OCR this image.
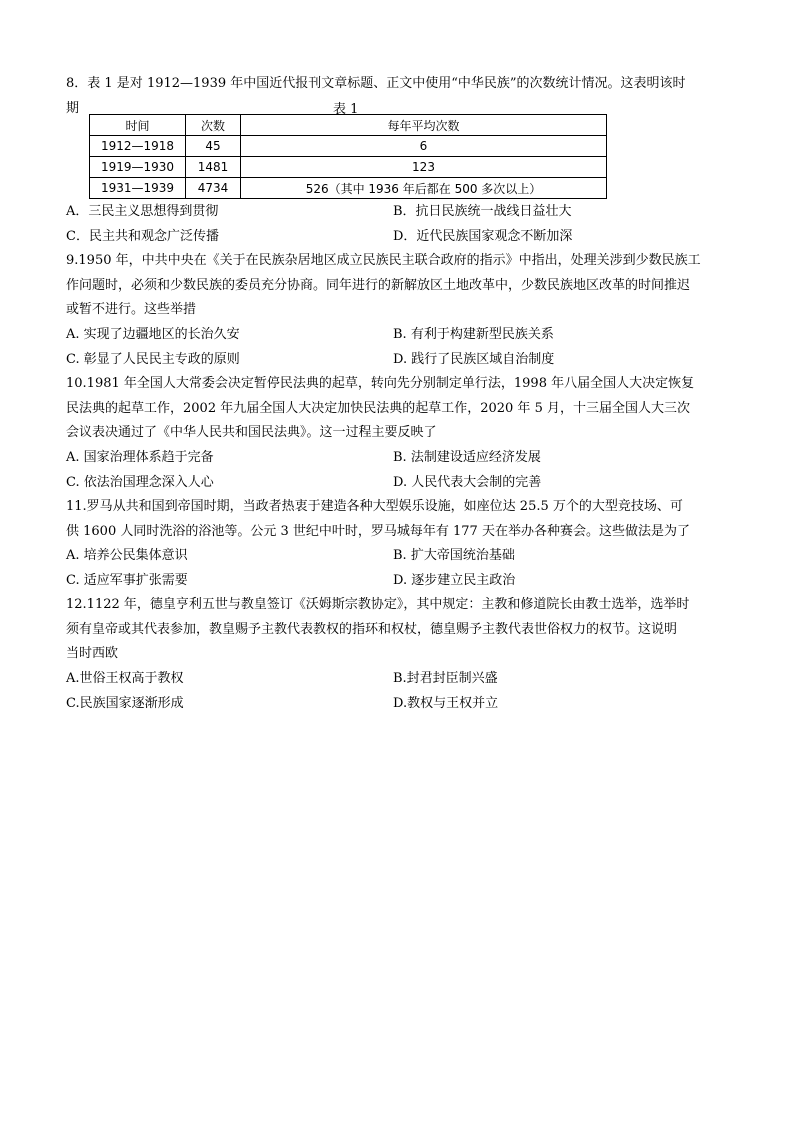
8．表 1 是对 1912—1939 年中国近代报刊文章标题、正文中使用“中华民族”的次数统计情况。这表明该时
期	表 1
时间	次数	每年平均次数
1912—1918	45	6
1919—1930	1481	123
1931—1939	4734	526（其中 1936 年后都在 500 多次以上）
A．三民主义思想得到贯彻	B．抗日民族统一战线日益壮大
C．民主共和观念广泛传播	D．近代民族国家观念不断加深
9.1950 年，中共中央在《关于在民族杂居地区成立民族民主联合政府的指示》中指出，处理关涉到少数民族工
作问题时，必须和少数民族的委员充分协商。同年进行的新解放区土地改革中，少数民族地区改革的时间推迟
或暂不进行。这些举措
A. 实现了边疆地区的长治久安	B. 有利于构建新型民族关系
C. 彰显了人民民主专政的原则	D. 践行了民族区域自治制度
10.1981 年全国人大常委会决定暂停民法典的起草，转向先分别制定单行法，1998 年八届全国人大决定恢复
民法典的起草工作，2002 年九届全国人大决定加快民法典的起草工作，2020 年 5 月，十三届全国人大三次
会议表决通过了《中华人民共和国民法典》。这一过程主要反映了
A. 国家治理体系趋于完备	B. 法制建设适应经济发展
C. 依法治国理念深入人心	D. 人民代表大会制的完善
11.罗马从共和国到帝国时期，当政者热衷于建造各种大型娱乐设施，如座位达 25.5 万个的大型竞技场、可
供 1600 人同时洗浴的浴池等。公元 3 世纪中叶时，罗马城每年有 177 天在举办各种赛会。这些做法是为了
A. 培养公民集体意识	B. 扩大帝国统治基础
C. 适应军事扩张需要	D. 逐步建立民主政治
12.1122 年，德皇亨利五世与教皇签订《沃姆斯宗教协定》，其中规定：主教和修道院长由教士选举，选举时
须有皇帝或其代表参加，教皇赐予主教代表教权的指环和权杖，德皇赐予主教代表世俗权力的权节。这说明
当时西欧
A.世俗王权高于教权	B.封君封臣制兴盛
C.民族国家逐渐形成	D.教权与王权并立
